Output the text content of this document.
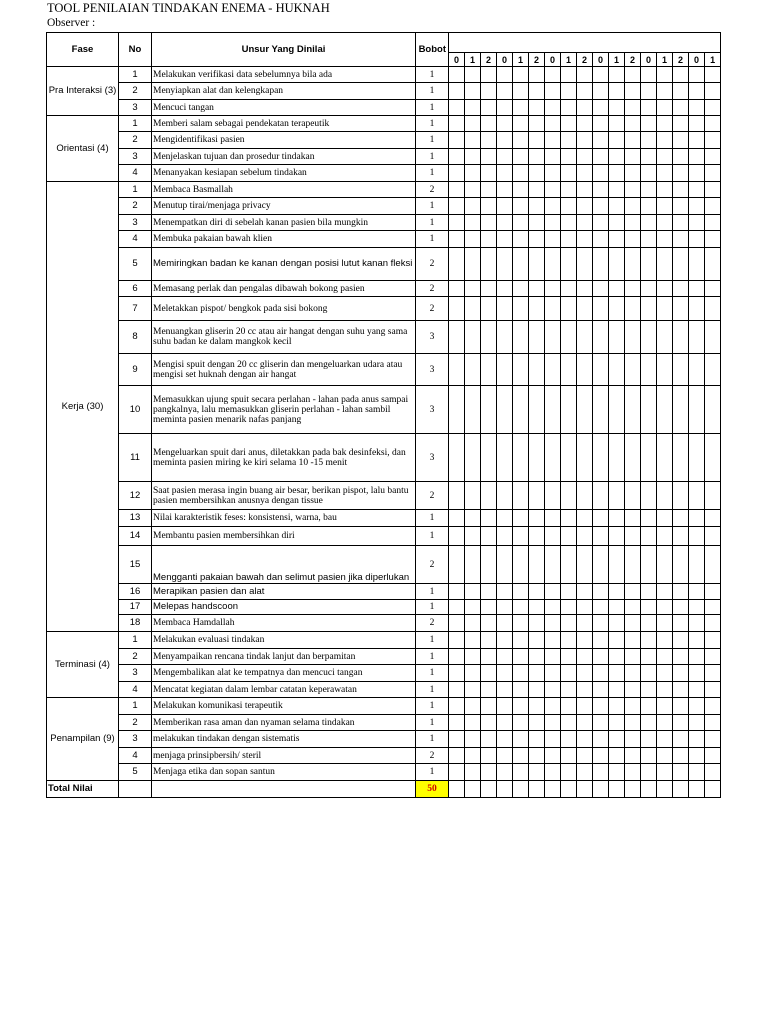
TOOL PENILAIAN TINDAKAN ENEMA - HUKNAH
Observer :
Fase	No	Unsur Yang Dinilai	Bobot																	
				0	1	2	0	1	2	0	1	2	0	1	2	0	1	2	0	1
Pra Interaksi (3)	1	Melakukan verifikasi data sebelumnya bila ada	1																	
	2	Menyiapkan alat dan kelengkapan	1																	
	3	Mencuci tangan	1																	
Orientasi (4)	1	Memberi salam sebagai pendekatan terapeutik	1																	
	2	Mengidentifikasi pasien	1																	
	3	Menjelaskan tujuan dan prosedur tindakan	1																	
	4	Menanyakan kesiapan sebelum tindakan	1																	
Kerja (30)	1	Membaca Basmallah	2																	
	2	Menutup tirai/menjaga privacy	1																	
	3	Menempatkan diri di sebelah kanan pasien bila mungkin	1																	
	4	Membuka pakaian bawah klien	1																	
	5	Memiringkan badan ke kanan dengan posisi lutut kanan fleksi	2																	
	6	Memasang perlak dan pengalas dibawah bokong pasien	2																	
	7	Meletakkan pispot/ bengkok pada sisi bokong	2																	
	8	Menuangkan gliserin 20 cc atau air hangat dengan suhu yang sama suhu badan ke dalam mangkok kecil	3																	
	9	Mengisi spuit dengan 20 cc gliserin dan mengeluarkan udara atau mengisi set huknah dengan air hangat	3																	
	10	Memasukkan ujung spuit secara perlahan - lahan pada anus sampai pangkalnya, lalu memasukkan gliserin perlahan - lahan sambil meminta pasien menarik nafas panjang	3																	
	11	Mengeluarkan spuit dari anus, diletakkan pada bak desinfeksi, dan meminta pasien miring ke kiri selama 10 -15 menit	3																	
	12	Saat pasien merasa ingin buang air besar, berikan pispot, lalu bantu pasien membersihkan anusnya dengan tissue	2																	
	13	Nilai karakteristik feses: konsistensi, warna, bau	1																	
	14	Membantu pasien membersihkan diri	1																	
	15	Mengganti pakaian bawah dan selimut pasien jika diperlukan	2																	
	16	Merapikan pasien dan alat	1																	
	17	Melepas handscoon	1																	
	18	Membaca Hamdallah	2																	
Terminasi (4)	1	Melakukan evaluasi tindakan	1																	
	2	Menyampaikan rencana tindak lanjut dan berpamitan	1																	
	3	Mengembalikan alat ke tempatnya dan mencuci tangan	1																	
	4	Mencatat kegiatan dalam lembar catatan keperawatan	1																	
Penampilan (9)	1	Melakukan komunikasi terapeutik	1																	
	2	Memberikan rasa aman dan nyaman selama tindakan	1																	
	3	melakukan tindakan dengan sistematis	1																	
	4	menjaga prinsipbersih/ steril	2																	
	5	Menjaga etika dan sopan santun	1																	
Total Nilai			50																	
